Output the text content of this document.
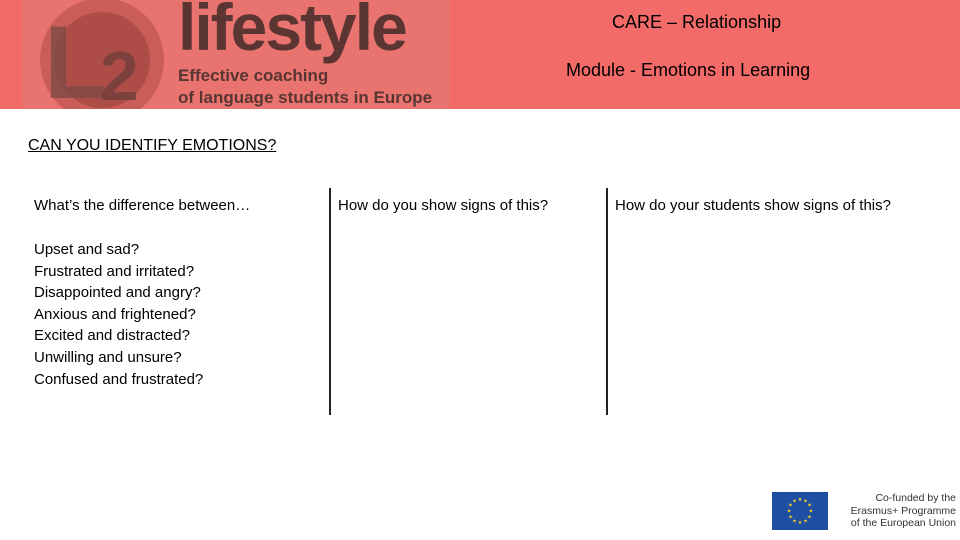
L
2
lifestyle
Effective coaching
of language students in Europe
CARE – Relationship
Module - Emotions in Learning
CAN YOU IDENTIFY EMOTIONS?
What’s the difference between…	How do you show signs of this?	How do your students show signs of this?
Upset and sad?
Frustrated and irritated?
Disappointed and angry?
Anxious and frightened?
Excited and distracted?
Unwilling and unsure?
Confused and frustrated?
★ ★
★
★
★
★
★
★
★
★
★
★	Co-funded by the
Erasmus+ Programme
of the European Union
